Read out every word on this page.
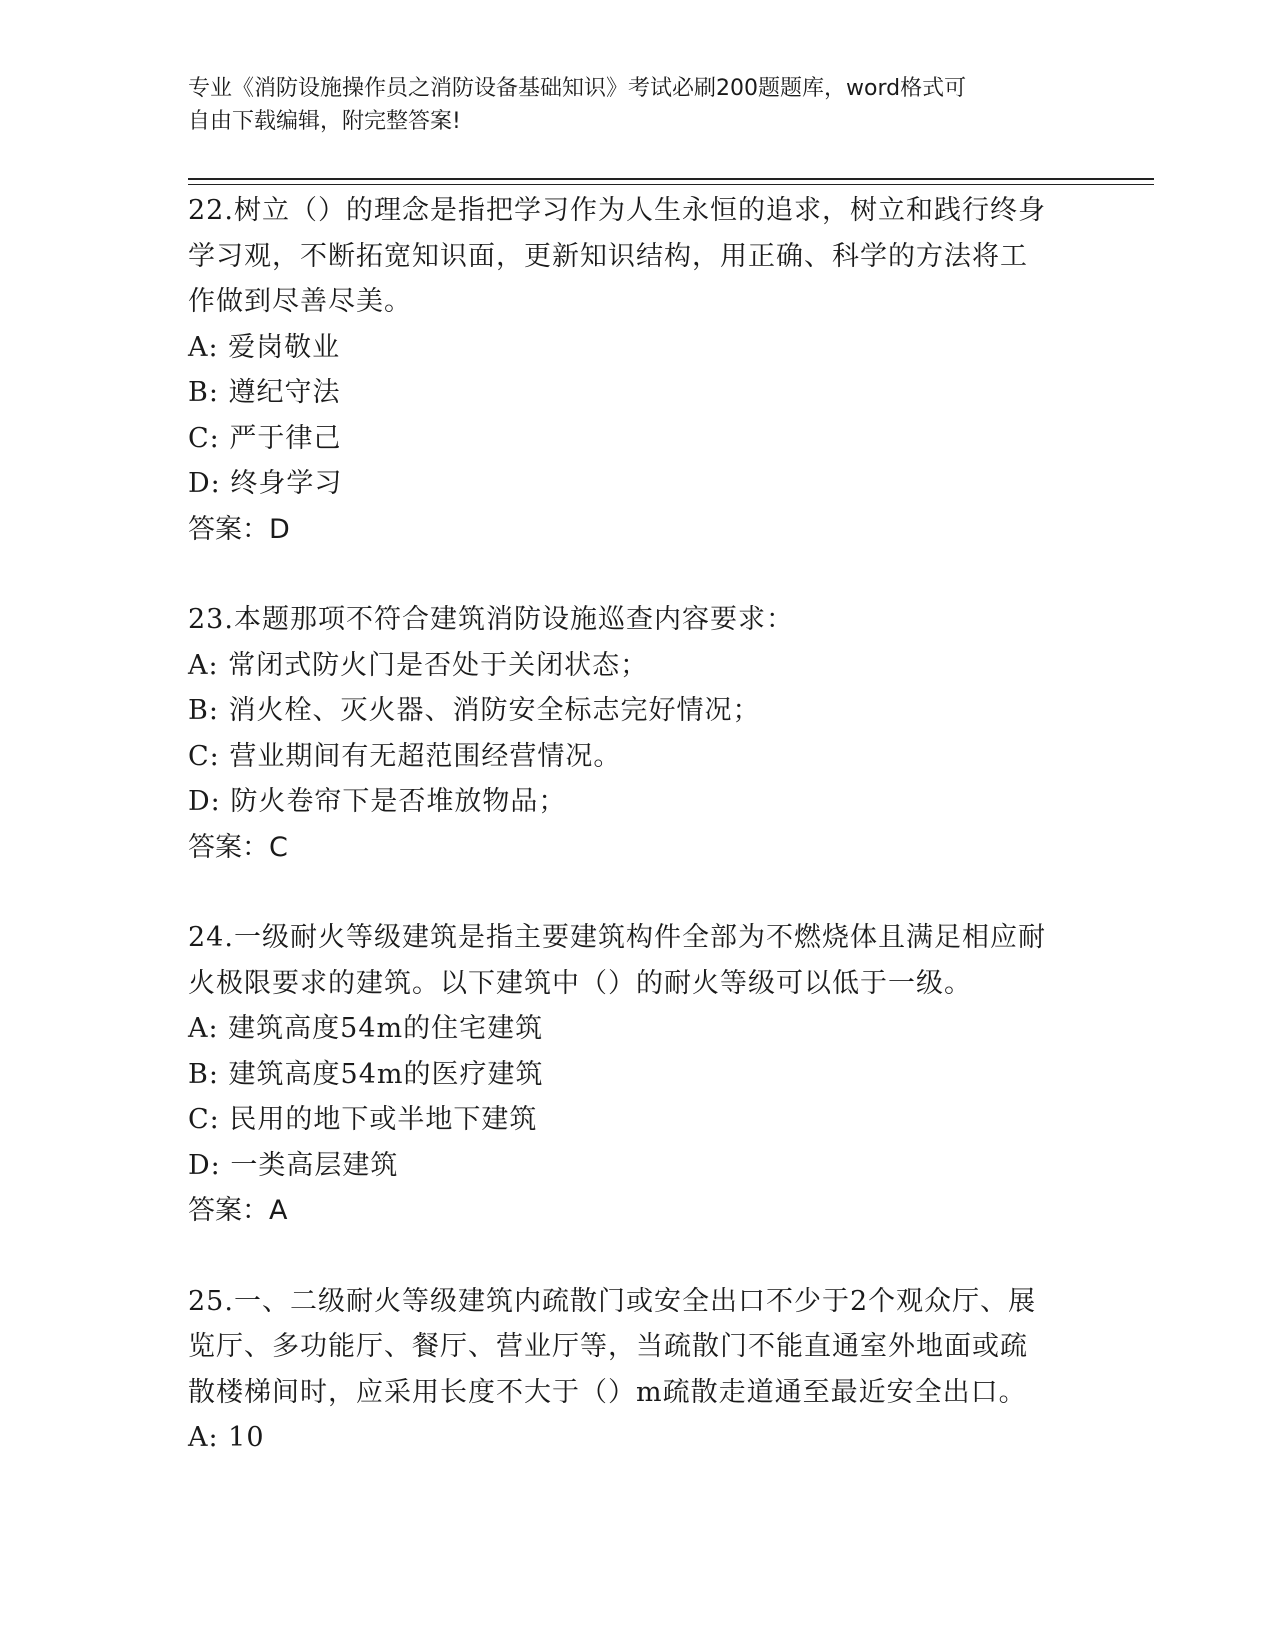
专业《消防设施操作员之消防设备基础知识》考试必刷200题题库，word格式可
自由下载编辑，附完整答案!
22.树立（）的理念是指把学习作为人生永恒的追求，树立和践行终身
学习观，不断拓宽知识面，更新知识结构，用正确、科学的方法将工
作做到尽善尽美。
A: 爱岗敬业
B: 遵纪守法
C: 严于律己
D: 终身学习
答案：D
23.本题那项不符合建筑消防设施巡查内容要求：
A: 常闭式防火门是否处于关闭状态；
B: 消火栓、灭火器、消防安全标志完好情况；
C: 营业期间有无超范围经营情况。
D: 防火卷帘下是否堆放物品；
答案：C
24.一级耐火等级建筑是指主要建筑构件全部为不燃烧体且满足相应耐
火极限要求的建筑。以下建筑中（）的耐火等级可以低于一级。
A: 建筑高度54m的住宅建筑
B: 建筑高度54m的医疗建筑
C: 民用的地下或半地下建筑
D: 一类高层建筑
答案：A
25.一、二级耐火等级建筑内疏散门或安全出口不少于2个观众厅、展
览厅、多功能厅、餐厅、营业厅等，当疏散门不能直通室外地面或疏
散楼梯间时，应采用长度不大于（）m疏散走道通至最近安全出口。
A: 10
